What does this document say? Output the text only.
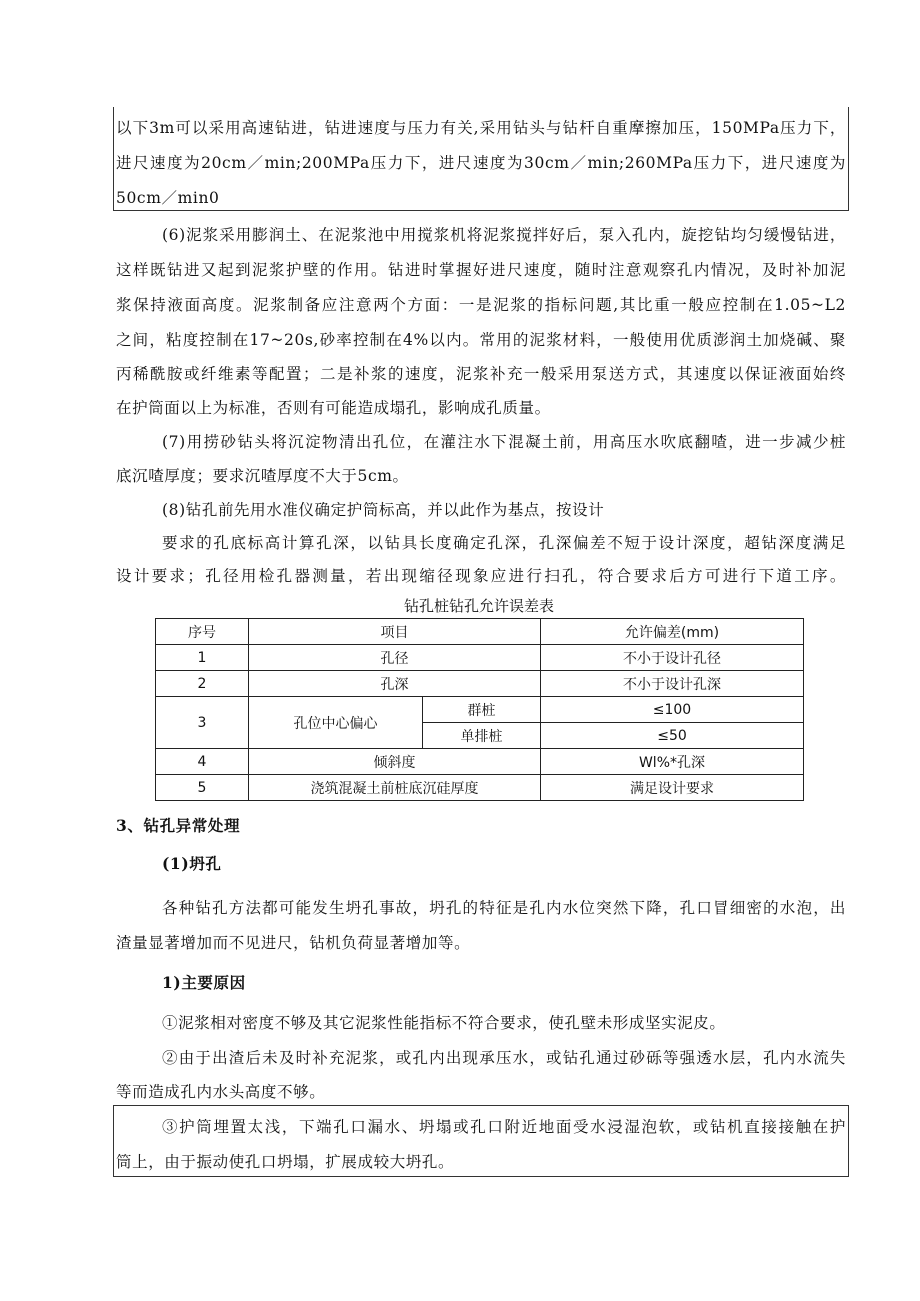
以下3m可以采用高速钻进，钻进速度与压力有关,采用钻头与钻杆自重摩擦加压，150MPa压力下，
进尺速度为20cm／min;200MPa压力下，进尺速度为30cm／min;260MPa压力下，进尺速度为
50cm／min0
(6)泥浆采用膨润土、在泥浆池中用搅浆机将泥浆搅拌好后，泵入孔内，旋挖钻均匀缓慢钻进，
这样既钻进又起到泥浆护壁的作用。钻进时掌握好进尺速度，随时注意观察孔内情况，及时补加泥
浆保持液面高度。泥浆制备应注意两个方面：一是泥浆的指标问题,其比重一般应控制在1.05~L2
之间，粘度控制在17~20s,砂率控制在4%以内。常用的泥浆材料，一般使用优质澎润土加烧碱、聚
丙稀酰胺或纤维素等配置；二是补浆的速度，泥浆补充一般采用泵送方式，其速度以保证液面始终
在护筒面以上为标准，否则有可能造成塌孔，影响成孔质量。
(7)用捞砂钻头将沉淀物清出孔位，在灌注水下混凝土前，用高压水吹底翻喳，进一步减少桩
底沉喳厚度；要求沉喳厚度不大于5cm。
(8)钻孔前先用水准仪确定护筒标高，并以此作为基点，按设计
要求的孔底标高计算孔深，以钻具长度确定孔深，孔深偏差不短于设计深度，超钻深度满足
设计要求；孔径用检孔器测量，若出现缩径现象应进行扫孔，符合要求后方可进行下道工序。
钻孔桩钻孔允许误差表
序号	项目		允许偏差(mm)
1	孔径		不小于设计孔径
2	孔深		不小于设计孔深
3	孔位中心偏心	群桩	≤100
		单排桩	≤50
4	倾斜度		Wl%*孔深
5	浇筑混凝土前桩底沉硅厚度		满足设计要求
3、钻孔异常处理
(1)坍孔
各种钻孔方法都可能发生坍孔事故，坍孔的特征是孔内水位突然下降，孔口冒细密的水泡，出
渣量显著增加而不见进尺，钻机负荷显著增加等。
1)主要原因
①泥浆相对密度不够及其它泥浆性能指标不符合要求，使孔壁未形成坚实泥皮。
②由于出渣后未及时补充泥浆，或孔内出现承压水，或钻孔通过砂砾等强透水层，孔内水流失
等而造成孔内水头高度不够。
③护筒埋置太浅，下端孔口漏水、坍塌或孔口附近地面受水浸湿泡软，或钻机直接接触在护
筒上，由于振动使孔口坍塌，扩展成较大坍孔。
